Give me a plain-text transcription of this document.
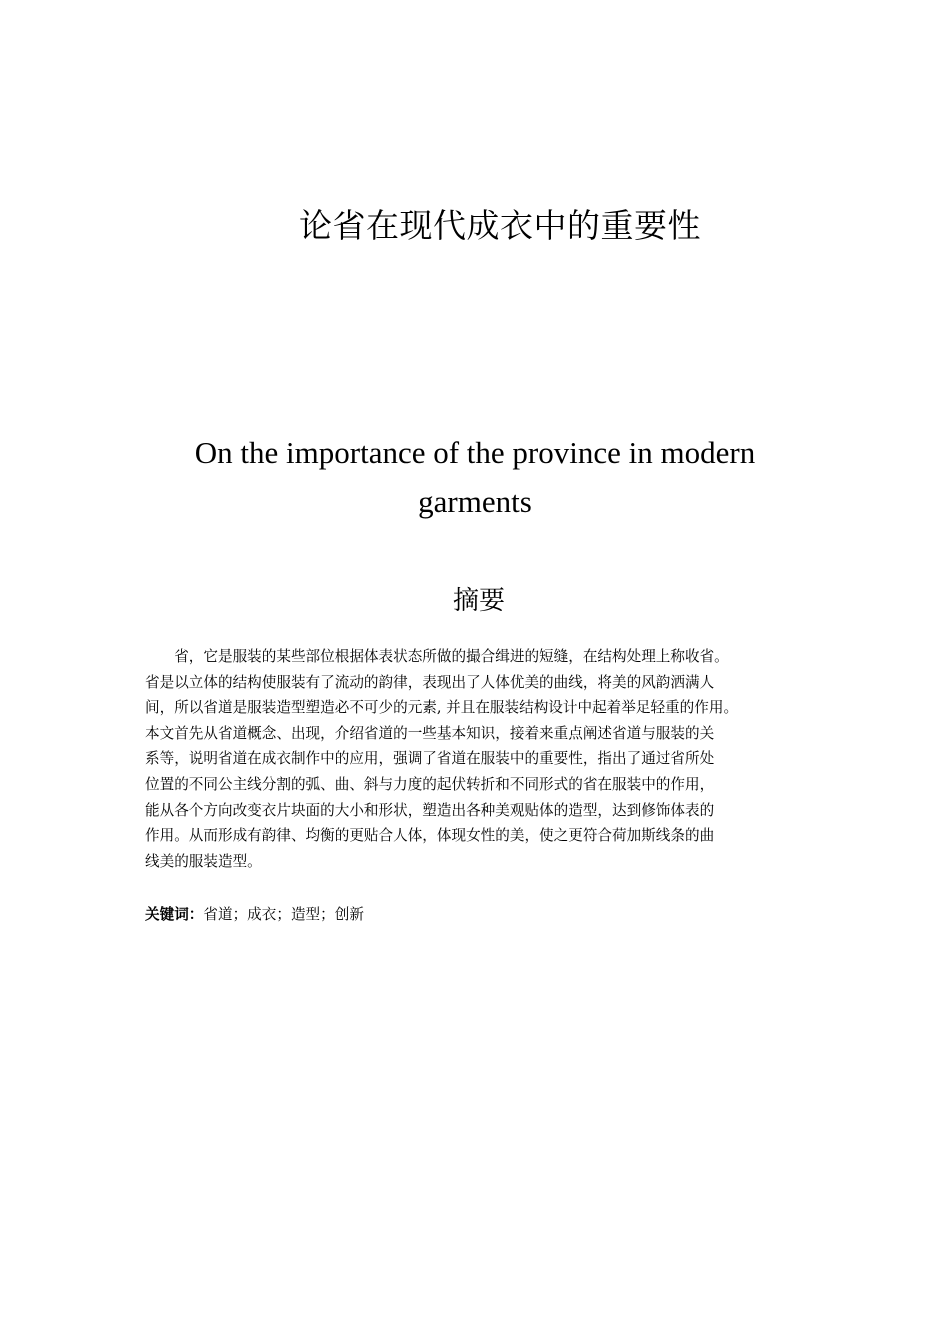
论省在现代成衣中的重要性
On the importance of the province in modern
garments
摘要
　　省，它是服装的某些部位根据体表状态所做的撮合缉进的短缝，在结构处理上称收省。
省是以立体的结构使服装有了流动的韵律，表现出了人体优美的曲线，将美的风韵洒满人
间，所以省道是服装造型塑造必不可少的元素, 并且在服装结构设计中起着举足轻重的作用。
本文首先从省道概念、出现，介绍省道的一些基本知识，接着来重点阐述省道与服装的关
系等，说明省道在成衣制作中的应用，强调了省道在服装中的重要性，指出了通过省所处
位置的不同公主线分割的弧、曲、斜与力度的起伏转折和不同形式的省在服装中的作用，
能从各个方向改变衣片块面的大小和形状，塑造出各种美观贴体的造型，达到修饰体表的
作用。从而形成有韵律、均衡的更贴合人体，体现女性的美，使之更符合荷加斯线条的曲
线美的服装造型。
关键词：省道；成衣；造型；创新
